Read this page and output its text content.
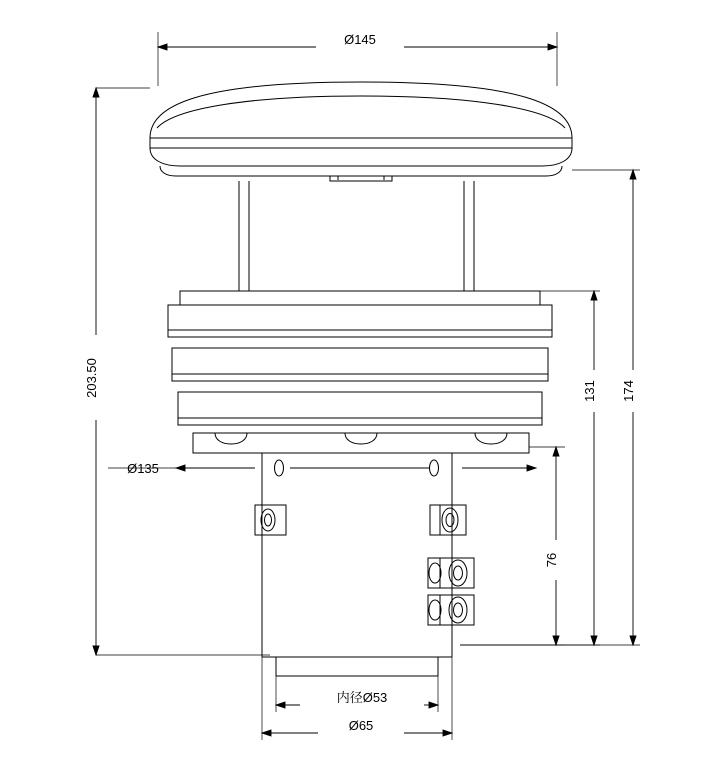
Ø145
203.50	174
131
76
Ø135
内径Ø53
Ø65
